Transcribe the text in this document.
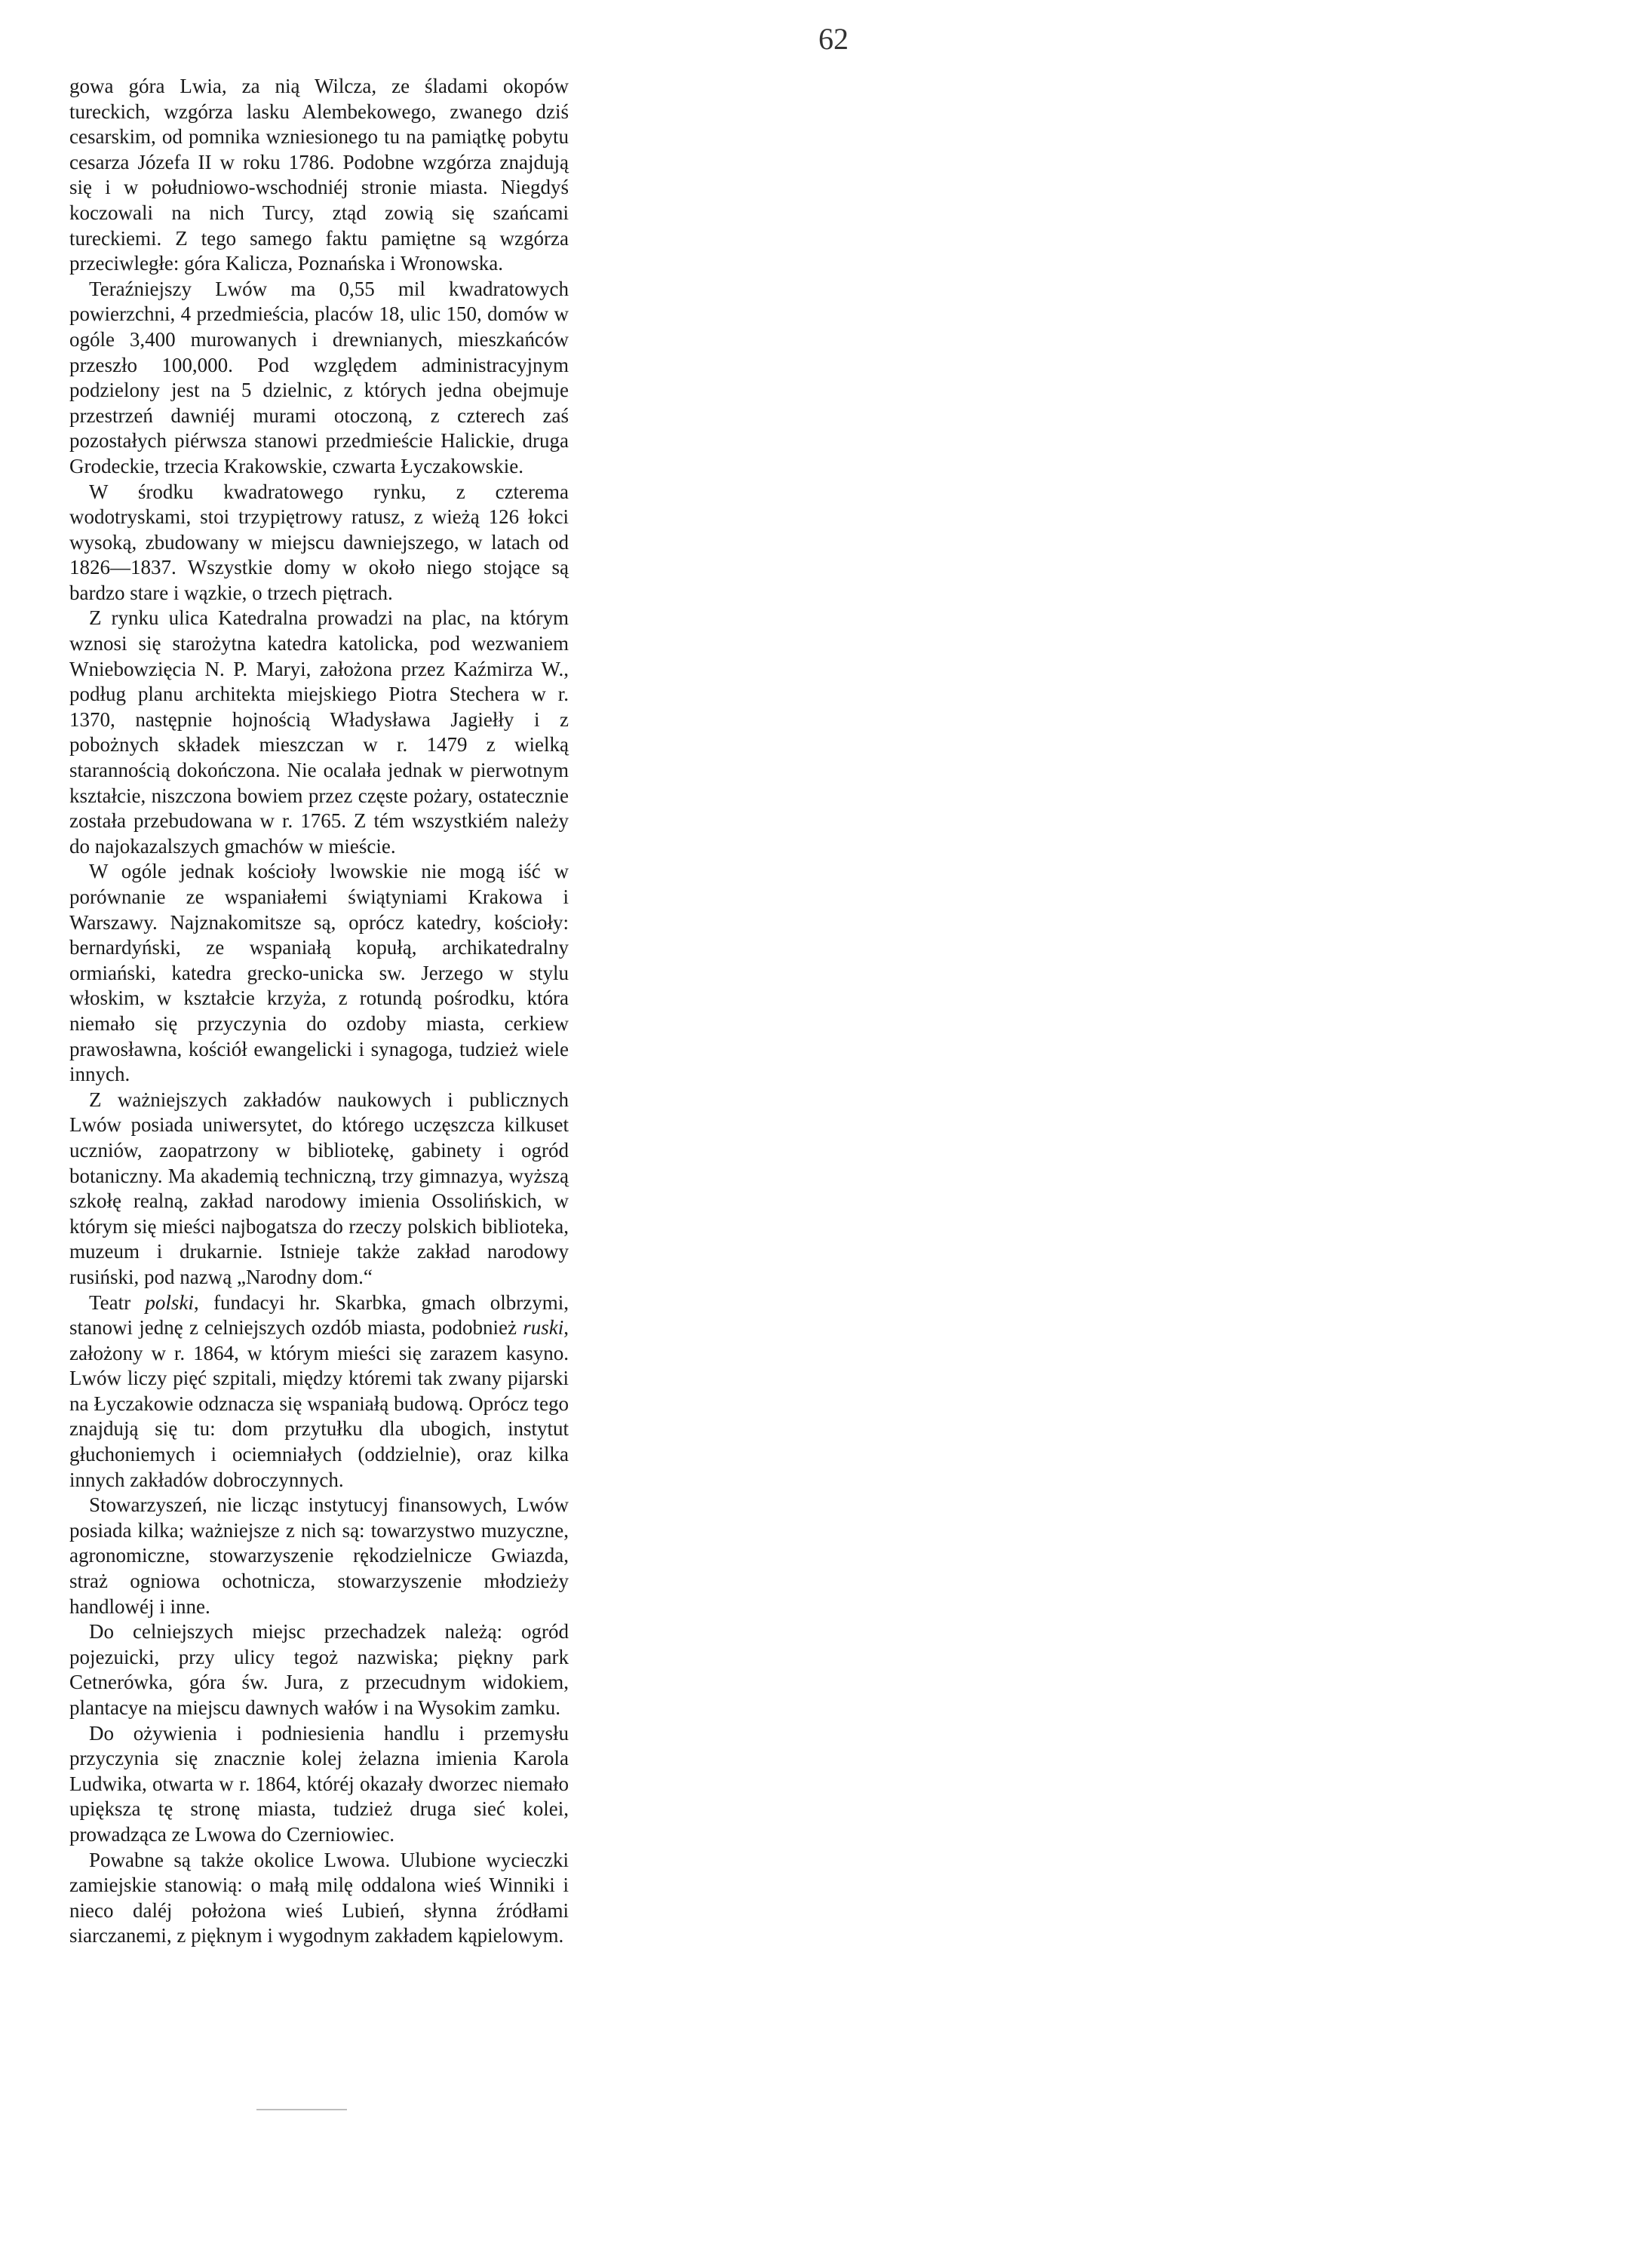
62

gowa góra Lwia, za nią Wilcza, ze śladami okopów tureckich, wzgórza lasku Alembekowego, zwanego dziś cesarskim, od pomnika wzniesionego tu na pamiątkę pobytu cesarza Józefa II w roku 1786. Podobne wzgórza znajdują się i w południowo-wschodniéj stronie miasta. Niegdyś koczowali na nich Turcy, ztąd zowią się szańcami tureckiemi. Z tego samego faktu pamiętne są wzgórza przeciwległe: góra Kalicza, Poznańska i Wronowska.

Teraźniejszy Lwów ma 0,55 mil kwadratowych powierzchni, 4 przedmieścia, placów 18, ulic 150, domów w ogóle 3,400 murowanych i drewnianych, mieszkańców przeszło 100,000. Pod względem administracyjnym podzielony jest na 5 dzielnic, z których jedna obejmuje przestrzeń dawniéj murami otoczoną, z czterech zaś pozostałych piérwsza stanowi przedmieście Halickie, druga Grodeckie, trzecia Krakowskie, czwarta Łyczakowskie.

W środku kwadratowego rynku, z czterema wodotryskami, stoi trzypiętrowy ratusz, z wieżą 126 łokci wysoką, zbudowany w miejscu dawniejszego, w latach od 1826—1837. Wszystkie domy w około niego stojące są bardzo stare i wązkie, o trzech piętrach.

Z rynku ulica Katedralna prowadzi na plac, na którym wznosi się starożytna katedra katolicka, pod wezwaniem Wniebowzięcia N. P. Maryi, założona przez Kaźmirza W., podług planu architekta miejskiego Piotra Stechera w r. 1370, następnie hojnością Władysława Jagiełły i z pobożnych składek mieszczan w r. 1479 z wielką starannością dokończona. Nie ocalała jednak w pierwotnym kształcie, niszczona bowiem przez częste pożary, ostatecznie została przebudowana w r. 1765. Z tém wszystkiém należy do najokazalszych gmachów w mieście.

W ogóle jednak kościoły lwowskie nie mogą iść w porównanie ze wspaniałemi świątyniami Krakowa i Warszawy. Najznakomitsze są, oprócz katedry, kościoły: bernardyński, ze wspaniałą kopułą, archikatedralny ormiański, katedra grecko-unicka sw. Jerzego w stylu włoskim, w kształcie krzyża, z rotundą pośrodku, która niemało się przyczynia do ozdoby miasta, cerkiew prawosławna, kościół ewangelicki i synagoga, tudzież wiele innych.

Z ważniejszych zakładów naukowych i publicznych Lwów posiada uniwersytet, do którego uczęszcza kilkuset uczniów, zaopatrzony w bibliotekę, gabinety i ogród botaniczny. Ma akademią techniczną, trzy gimnazya, wyższą szkołę realną, zakład narodowy imienia Ossolińskich, w którym się mieści najbogatsza do rzeczy polskich biblioteka, muzeum i drukarnie. Istnieje także zakład narodowy rusiński, pod nazwą „Narodny dom.“

Teatr polski, fundacyi hr. Skarbka, gmach olbrzymi, stanowi jednę z celniejszych ozdób miasta, podobnież ruski, założony w r. 1864, w którym mieści się zarazem kasyno. Lwów liczy pięć szpitali, między któremi tak zwany pijarski na Łyczakowie odznacza się wspaniałą budową. Oprócz tego znajdują się tu: dom przytułku dla ubogich, instytut głuchoniemych i ociemniałych (oddzielnie), oraz kilka innych zakładów dobroczynnych.

Stowarzyszeń, nie licząc instytucyj finansowych, Lwów posiada kilka; ważniejsze z nich są: towarzystwo muzyczne, agronomiczne, stowarzyszenie rękodzielnicze Gwiazda, straż ogniowa ochotnicza, stowarzyszenie młodzieży handlowéj i inne.

Do celniejszych miejsc przechadzek należą: ogród pojezuicki, przy ulicy tegoż nazwiska; piękny park Cetnerówka, góra św. Jura, z przecudnym widokiem, plantacye na miejscu dawnych wałów i na Wysokim zamku.

Do ożywienia i podniesienia handlu i przemysłu przyczynia się znacznie kolej żelazna imienia Karola Ludwika, otwarta w r. 1864, któréj okazały dworzec niemało upiększa tę stronę miasta, tudzież druga sieć kolei, prowadząca ze Lwowa do Czerniowiec.

Powabne są także okolice Lwowa. Ulubione wycieczki zamiejskie stanowią: o małą milę oddalona wieś Winniki i nieco daléj położona wieś Lubień, słynna źródłami siarczanemi, z pięknym i wygodnym zakładem kąpielowym.
